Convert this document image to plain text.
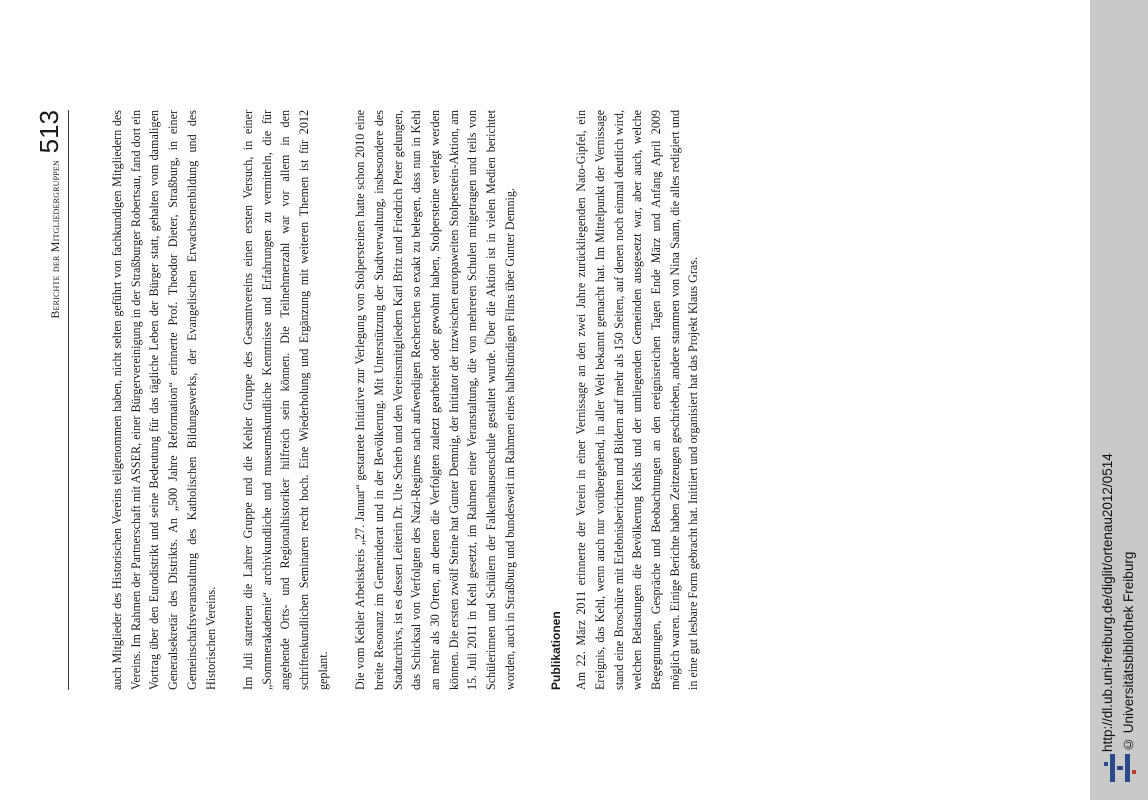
Berichte der Mitgliedergruppen
513	auch Mitglieder des Historischen Vereins teilgenommen haben, nicht selten geführt von fachkundigen Mitgliedern des Vereins. Im Rahmen der Partnerschaft mit ASSER, einer Bürgervereinigung in der Straßburger Robertsau, fand dort ein Vortrag über den Eurodistrikt und seine Bedeutung für das tägliche Leben der Bürger statt, gehalten vom damaligen Generalsekretär des Distrikts. An „500 Jahre Reformation“ erinnerte Prof. Theodor Dieter, Straßburg, in einer Gemeinschaftsveranstaltung des Katholischen Bildungswerks, der Evangelischen Erwachsenenbildung und des Historischen Vereins. Im Juli starteten die Lahrer Gruppe und die Kehler Gruppe des Gesamtvereins einen ersten Versuch, in einer „Sommerakademie“ archivkundliche und museumskundliche Kenntnisse und Erfahrungen zu vermitteln, die für angehende Orts- und Regionalhistoriker hilfreich sein können. Die Teilnehmerzahl war vor allem in den schriftenkundlichen Seminaren recht hoch. Eine Wiederholung und Ergänzung mit weiteren Themen ist für 2012 geplant. Die vom Kehler Arbeitskreis „27. Januar“ gestartete Initiative zur Verlegung von Stolpersteinen hatte schon 2010 eine breite Resonanz im Gemeinderat und in der Bevölkerung. Mit Unterstützung der Stadtverwaltung, insbesondere des Stadtarchivs, ist es dessen Leiterin Dr. Ute Scherb und den Vereinsmitgliedern Karl Britz und Friedrich Peter gelungen, das Schicksal von Verfolgten des Nazi-Regimes nach aufwendigen Recherchen so exakt zu belegen, dass nun in Kehl an mehr als 30 Orten, an denen die Verfolgten zuletzt gearbeitet oder gewohnt haben, Stolpersteine verlegt werden können. Die ersten zwölf Steine hat Gunter Demnig, der Initiator der inzwischen europaweiten Stolperstein-Aktion, am 15. Juli 2011 in Kehl gesetzt, im Rahmen einer Veranstaltung, die von mehreren Schulen mitgetragen und teils von Schülerinnen und Schülern der Falkenhausenschule gestaltet wurde. Über die Aktion ist in vielen Medien berichtet worden, auch in Straßburg und bundesweit im Rahmen eines halbstündigen Films über Gunter Demnig.	Publikationen Am 22. März 2011 erinnerte der Verein in einer Vernissage an den zwei Jahre zurückliegenden Nato-Gipfel, ein Ereignis, das Kehl, wenn auch nur vorübergehend, in aller Welt bekannt gemacht hat. Im Mittelpunkt der Vernissage stand eine Broschüre mit Erlebnisberichten und Bildern auf mehr als 150 Seiten, auf denen noch einmal deutlich wird, welchen Belastungen die Bevölkerung Kehls und der umliegenden Gemeinden ausgesetzt war, aber auch, welche Begegnungen, Gespräche und Beobachtungen an den ereignisreichen Tagen Ende März und Anfang April 2009 möglich waren. Einige Berichte haben Zeitzeugen geschrieben, andere stammen von Nina Saam, die alles redigiert und in eine gut lesbare Form gebracht hat. Initiiert und organisiert hat das Projekt Klaus Gras.	http://dl.ub.uni-freiburg.de/diglit/ortenau2012/0514 © Universitätsbibliothek Freiburg
